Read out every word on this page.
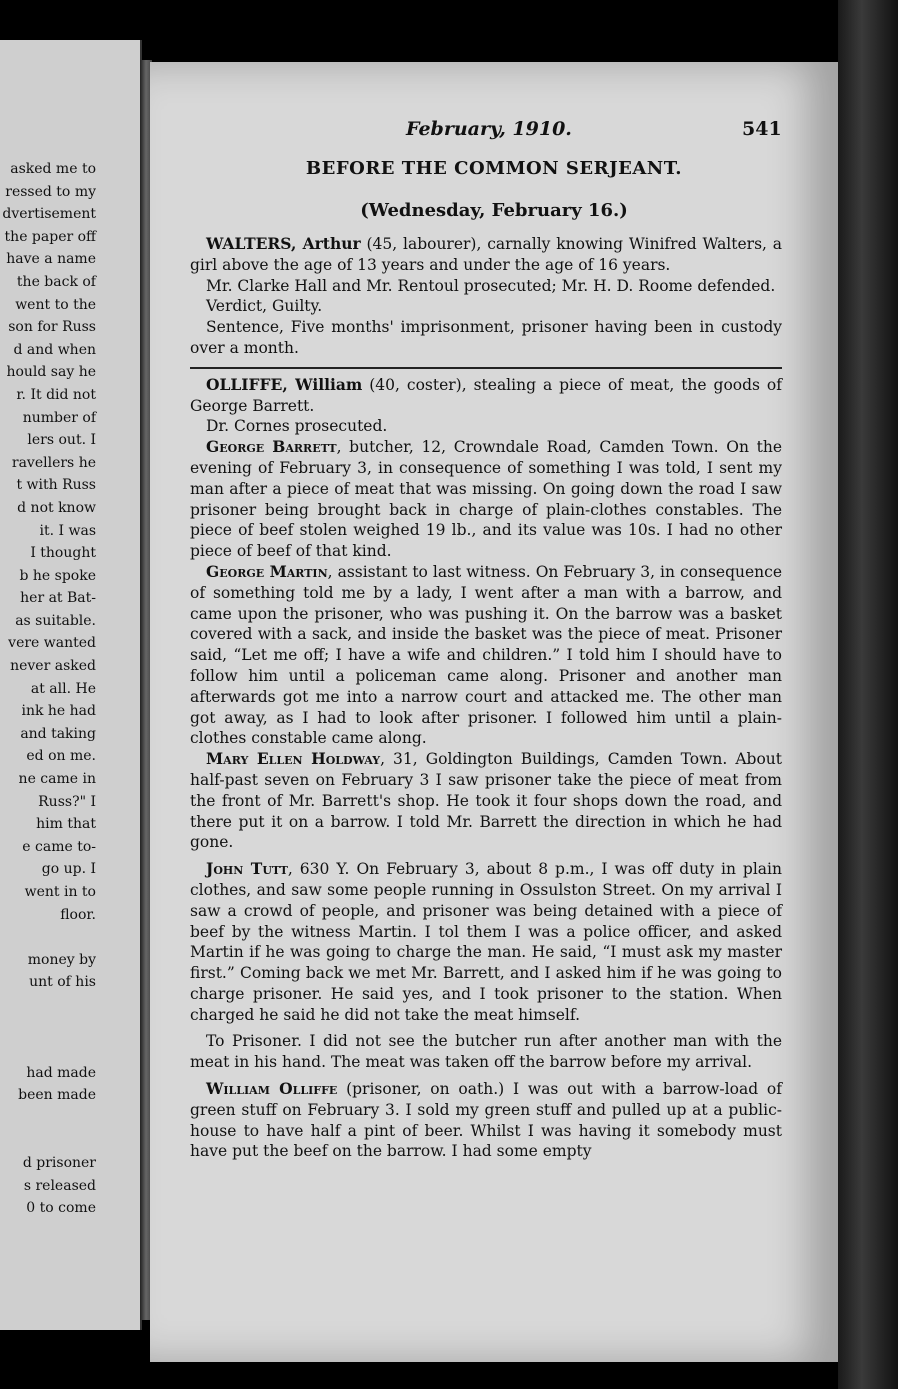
asked me to
ressed to my
dvertisement
the paper off
have a name
the back of
went to the
son for Russ
d and when
hould say he
r. It did not
number of
lers out. I
ravellers he
t with Russ
d not know
it. I was
I thought
b he spoke
her at Bat-
as suitable.
vere wanted
never asked
at all. He
ink he had
and taking
ed on me.
ne came in
Russ?" I
him that
e came to-
go up. I
went in to
floor.
money by
unt of his
had made
been made
d prisoner
s released
0 to come
February, 1910.	541
BEFORE THE COMMON SERJEANT.
(Wednesday, February 16.)

WALTERS, Arthur (45, labourer), carnally knowing Winifred Walters, a girl above the age of 13 years and under the age of 16 years.

Mr. Clarke Hall and Mr. Rentoul prosecuted; Mr. H. D. Roome defended.

Verdict, Guilty.

Sentence, Five months' imprisonment, prisoner having been in custody over a month.

OLLIFFE, William (40, coster), stealing a piece of meat, the goods of George Barrett.

Dr. Cornes prosecuted.

George Barrett, butcher, 12, Crowndale Road, Camden Town. On the evening of February 3, in consequence of something I was told, I sent my man after a piece of meat that was missing. On going down the road I saw prisoner being brought back in charge of plain-clothes constables. The piece of beef stolen weighed 19 lb., and its value was 10s. I had no other piece of beef of that kind.

George Martin, assistant to last witness. On February 3, in consequence of something told me by a lady, I went after a man with a barrow, and came upon the prisoner, who was pushing it. On the barrow was a basket covered with a sack, and inside the basket was the piece of meat. Prisoner said, “Let me off; I have a wife and children.” I told him I should have to follow him until a policeman came along. Prisoner and another man afterwards got me into a narrow court and attacked me. The other man got away, as I had to look after prisoner. I followed him until a plain-clothes constable came along.

Mary Ellen Holdway, 31, Goldington Buildings, Camden Town. About half-past seven on February 3 I saw prisoner take the piece of meat from the front of Mr. Barrett's shop. He took it four shops down the road, and there put it on a barrow. I told Mr. Barrett the direction in which he had gone.

John Tutt, 630 Y. On February 3, about 8 p.m., I was off duty in plain clothes, and saw some people running in Ossulston Street. On my arrival I saw a crowd of people, and prisoner was being detained with a piece of beef by the witness Martin. I tol them I was a police officer, and asked Martin if he was going to charge the man. He said, “I must ask my master first.” Coming back we met Mr. Barrett, and I asked him if he was going to charge prisoner. He said yes, and I took prisoner to the station. When charged he said he did not take the meat himself.

To Prisoner. I did not see the butcher run after another man with the meat in his hand. The meat was taken off the barrow before my arrival.

William Olliffe (prisoner, on oath.) I was out with a barrow-load of green stuff on February 3. I sold my green stuff and pulled up at a public-house to have half a pint of beer. Whilst I was having it somebody must have put the beef on the barrow. I had some empty
